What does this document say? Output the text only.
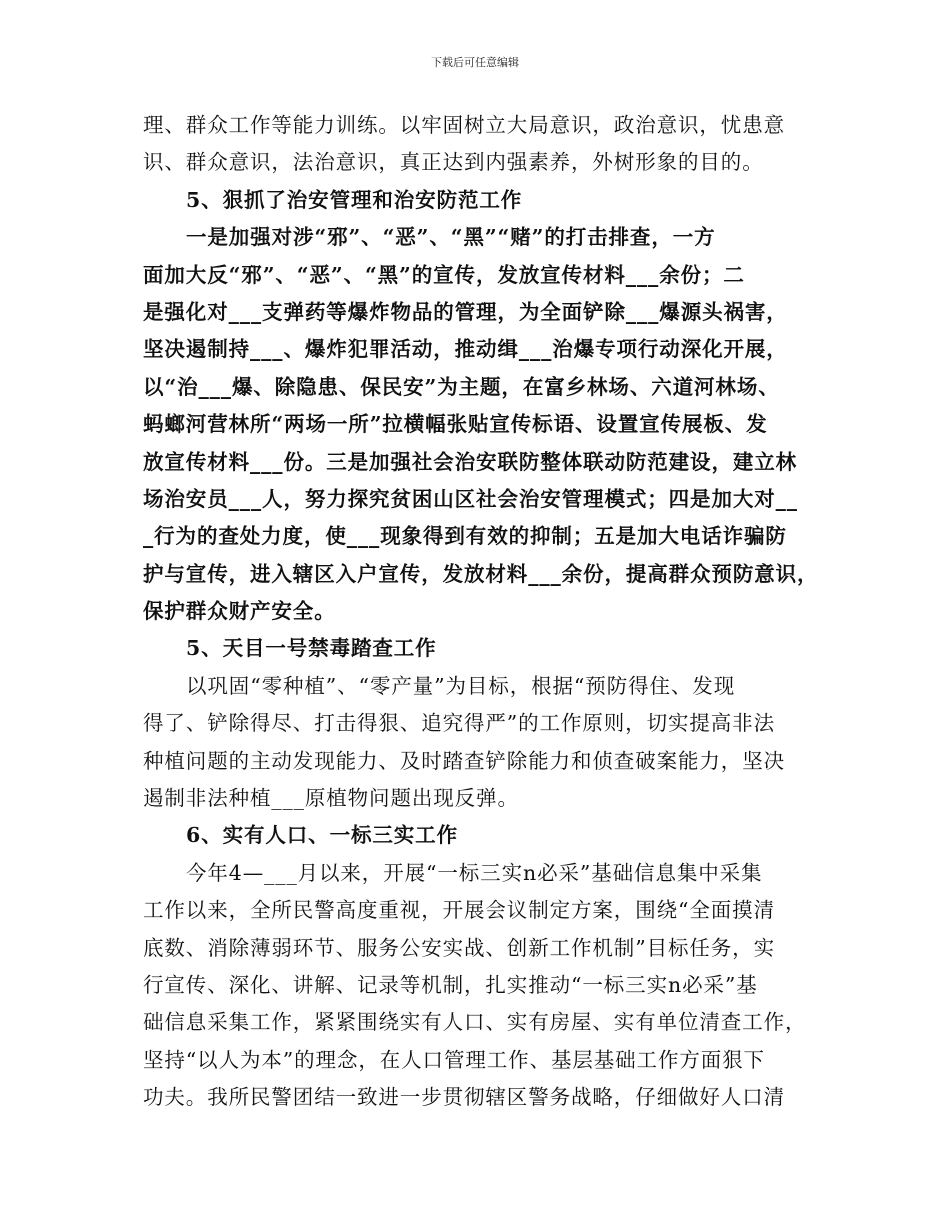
下载后可任意编辑
理、群众工作等能力训练。以牢固树立大局意识，政治意识，忧患意
识、群众意识，法治意识，真正达到内强素养，外树形象的目的。
5、狠抓了治安管理和治安防范工作
一是加强对涉“邪”、“恶”、“黑”“赌”的打击排查，一方
面加大反“邪”、“恶”、“黑”的宣传，发放宣传材料___余份；二
是强化对___支弹药等爆炸物品的管理，为全面铲除___爆源头祸害，
坚决遏制持___、爆炸犯罪活动，推动缉___治爆专项行动深化开展，
以“治___爆、除隐患、保民安”为主题，在富乡林场、六道河林场、
蚂螂河营林所“两场一所”拉横幅张贴宣传标语、设置宣传展板、发
放宣传材料___份。三是加强社会治安联防整体联动防范建设，建立林
场治安员___人，努力探究贫困山区社会治安管理模式；四是加大对__
_行为的查处力度，使___现象得到有效的抑制；五是加大电话诈骗防
护与宣传，进入辖区入户宣传，发放材料___余份，提高群众预防意识，
保护群众财产安全。
5、天目一号禁毒踏查工作
以巩固“零种植”、“零产量”为目标，根据“预防得住、发现
得了、铲除得尽、打击得狠、追究得严”的工作原则，切实提高非法
种植问题的主动发现能力、及时踏查铲除能力和侦查破案能力，坚决
遏制非法种植___原植物问题出现反弹。
6、实有人口、一标三实工作
今年4—___月以来，开展“一标三实n必采”基础信息集中采集
工作以来，全所民警高度重视，开展会议制定方案，围绕“全面摸清
底数、消除薄弱环节、服务公安实战、创新工作机制”目标任务，实
行宣传、深化、讲解、记录等机制，扎实推动“一标三实n必采”基
础信息采集工作，紧紧围绕实有人口、实有房屋、实有单位清查工作，
坚持“以人为本”的理念，在人口管理工作、基层基础工作方面狠下
功夫。我所民警团结一致进一步贯彻辖区警务战略，仔细做好人口清
